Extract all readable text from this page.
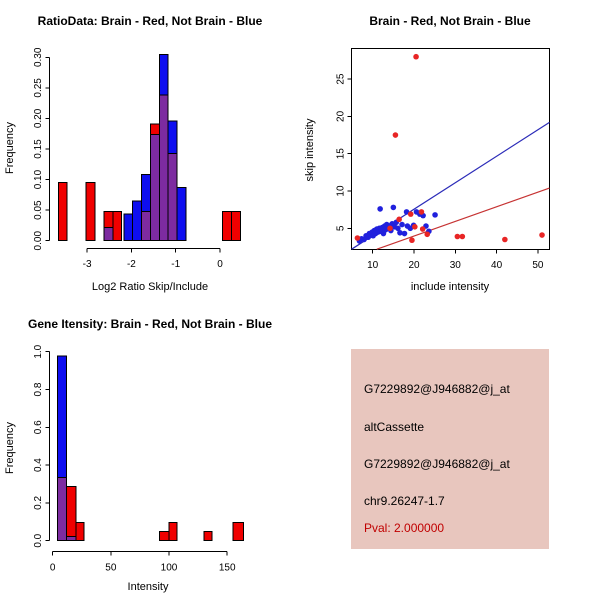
RatioData: Brain - Red, Not Brain - Blue	Brain - Red, Not Brain - Blue
Gene Itensity: Brain - Red, Not Brain - Blue
Frequency
Log2 Ratio Skip/Include
skip intensity
include intensity
Frequency
Intensity
0.00
0.05
0.10
0.15
0.20
0.25
0.30
-3	-2	-1	0	10	20	30	40	50
5
10
15
20
25
0.0
0.2
0.4
0.6
0.8
1.0
0	50	100	150
G7229892@J946882@j_at
altCassette
G7229892@J946882@j_at
chr9.26247-1.7
Pval: 2.000000
